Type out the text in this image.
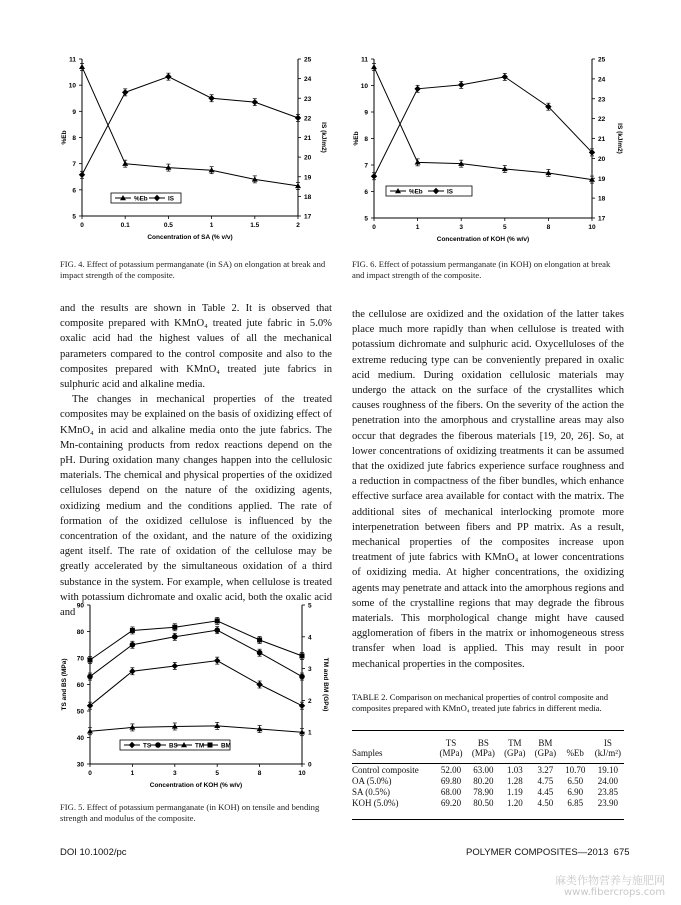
5
6
7
8
9
10
11
17
18
19
20
21
22
23
24
25
0	0.1	0.5	1	1.5	2
Concentration of SA (% v/v)
%Eb	IS (kJ/m2)
%Eb	IS
FIG. 4. Effect of potassium permanganate (in SA) on elongation at break and impact strength of the composite.
5
6
7
8
9
10
11
17
18
19
20
21
22
23
24
25
0	1	3	5	8	10
Concentration of KOH (% w/v)
%Eb	IS (kJ/m2)
%Eb	IS
FIG. 6. Effect of potassium permanganate (in KOH) on elongation at break and impact strength of the composite.

and the results are shown in Table 2. It is observed that composite prepared with KMnO₄ treated jute fabric in 5.0% oxalic acid had the highest values of all the mechanical parameters compared to the control composite and also to the composites prepared with KMnO₄ treated jute fabrics in sulphuric acid and alkaline media.

The changes in mechanical properties of the treated composites may be explained on the basis of oxidizing effect of KMnO₄ in acid and alkaline media onto the jute fabrics. The Mn-containing products from redox reactions depend on the pH. During oxidation many changes happen into the cellulosic materials. The chemical and physical properties of the oxidized celluloses depend on the nature of the oxidizing agents, oxidizing medium and the conditions applied. The rate of formation of the oxidized cellulose is influenced by the concentration of the oxidant, and the nature of the oxidizing agent itself. The rate of oxidation of the cellulose may be greatly accelerated by the simultaneous oxidation of a third substance in the system. For example, when cellulose is treated with potassium dichromate and oxalic acid, both the oxalic acid and

30
40
50
60
70
80
90
0
1
2
3
4
5
0	1	3	5	8	10
Concentration of KOH (% w/v)
TS and BS (MPa)	TM and BM (GPa)
TS	BS	TM	BM
FIG. 5. Effect of potassium permanganate (in KOH) on tensile and bending strength and modulus of the composite.

the cellulose are oxidized and the oxidation of the latter takes place much more rapidly than when cellulose is treated with potassium dichromate and sulphuric acid. Oxycelluloses of the extreme reducing type can be conveniently prepared in oxalic acid medium. During oxidation cellulosic materials may undergo the attack on the surface of the crystallites which causes roughness of the fibers. On the severity of the action the penetration into the amorphous and crystalline areas may also occur that degrades the fiberous materials [19, 20, 26]. So, at lower concentrations of oxidizing treatments it can be assumed that the oxidized jute fabrics experience surface roughness and a reduction in compactness of the fiber bundles, which enhance effective surface area available for contact with the matrix. The additional sites of mechanical interlocking promote more interpenetration between fibers and PP matrix. As a result, mechanical properties of the composites increase upon treatment of jute fabrics with KMnO₄ at lower concentrations of oxidizing media. At higher concentrations, the oxidizing agents may penetrate and attack into the amorphous regions and some of the crystalline regions that may degrade the fibrous materials. This morphological change might have caused agglomeration of fibers in the matrix or inhomogeneous stress transfer when load is applied. This may result in poor mechanical properties in the composites.

TABLE 2. Comparison on mechanical properties of control composite and composites prepared with KMnO₄ treated jute fabrics in different media.
	TS	BS	TM	BM		IS
Samples	(MPa)	(MPa)	(GPa)	(GPa)	%Eb	(kJ/m²)
Control composite	52.00	63.00	1.03	3.27	10.70	19.10
OA (5.0%)	69.80	80.20	1.28	4.75	6.50	24.00
SA (0.5%)	68.00	78.90	1.19	4.45	6.90	23.85
KOH (5.0%)	69.20	80.50	1.20	4.50	6.85	23.90
DOI 10.1002/pc	POLYMER COMPOSITES—2013 675
麻类作物营养与施肥网
www.fibercrops.com
